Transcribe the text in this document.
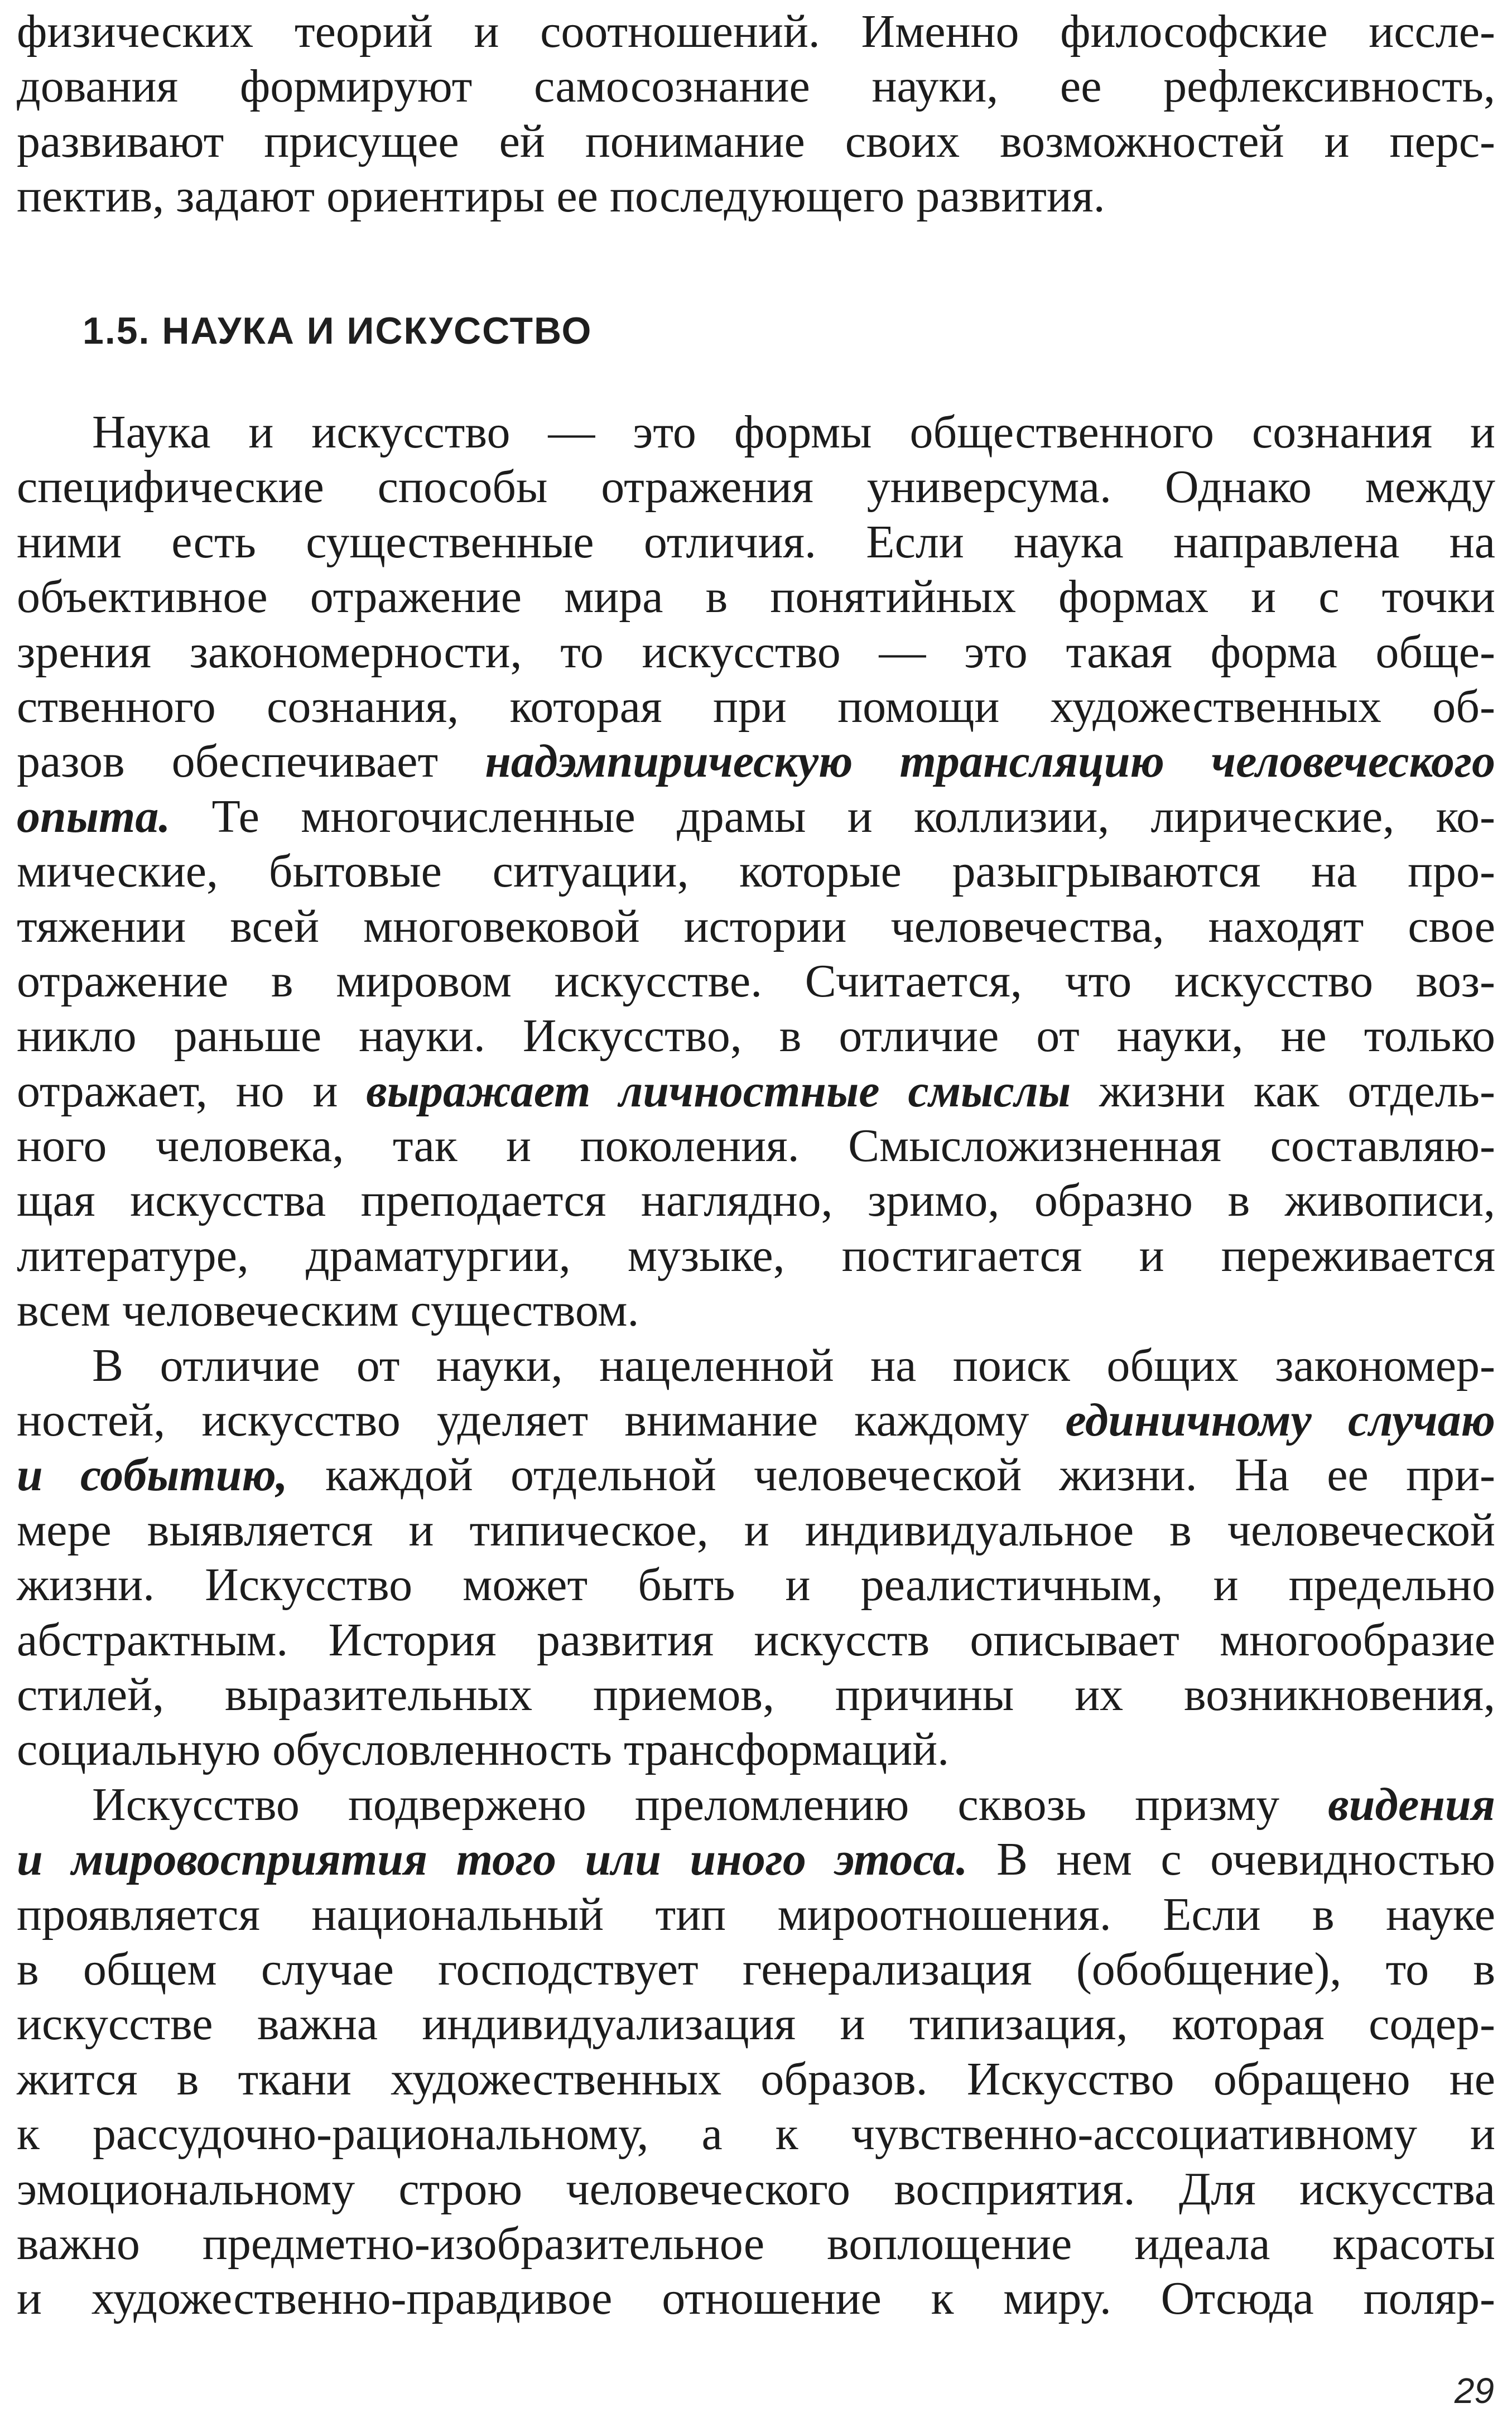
физических теорий и соотношений. Именно философские иссле-
дования формируют самосознание науки, ее рефлексивность,
развивают присущее ей понимание своих возможностей и перс-
пектив, задают ориентиры ее последующего развития.
1.5. НАУКА И ИСКУССТВО
Наука и искусство — это формы общественного сознания и
специфические способы отражения универсума. Однако между
ними есть существенные отличия. Если наука направлена на
объективное отражение мира в понятийных формах и с точки
зрения закономерности, то искусство — это такая форма обще-
ственного сознания, которая при помощи художественных об-
разов обеспечивает надэмпирическую трансляцию человеческого
опыта. Те многочисленные драмы и коллизии, лирические, ко-
мические, бытовые ситуации, которые разыгрываются на про-
тяжении всей многовековой истории человечества, находят свое
отражение в мировом искусстве. Считается, что искусство воз-
никло раньше науки. Искусство, в отличие от науки, не только
отражает, но и выражает личностные смыслы жизни как отдель-
ного человека, так и поколения. Смысложизненная составляю-
щая искусства преподается наглядно, зримо, образно в живописи,
литературе, драматургии, музыке, постигается и переживается
всем человеческим существом.
В отличие от науки, нацеленной на поиск общих закономер-
ностей, искусство уделяет внимание каждому единичному случаю
и событию, каждой отдельной человеческой жизни. На ее при-
мере выявляется и типическое, и индивидуальное в человеческой
жизни. Искусство может быть и реалистичным, и предельно
абстрактным. История развития искусств описывает многообразие
стилей, выразительных приемов, причины их возникновения,
социальную обусловленность трансформаций.
Искусство подвержено преломлению сквозь призму видения
и мировосприятия того или иного этоса. В нем с очевидностью
проявляется национальный тип мироотношения. Если в науке
в общем случае господствует генерализация (обобщение), то в
искусстве важна индивидуализация и типизация, которая содер-
жится в ткани художественных образов. Искусство обращено не
к рассудочно-рациональному, а к чувственно-ассоциативному и
эмоциональному строю человеческого восприятия. Для искусства
важно предметно-изобразительное воплощение идеала красоты
и художественно-правдивое отношение к миру. Отсюда поляр-
29
